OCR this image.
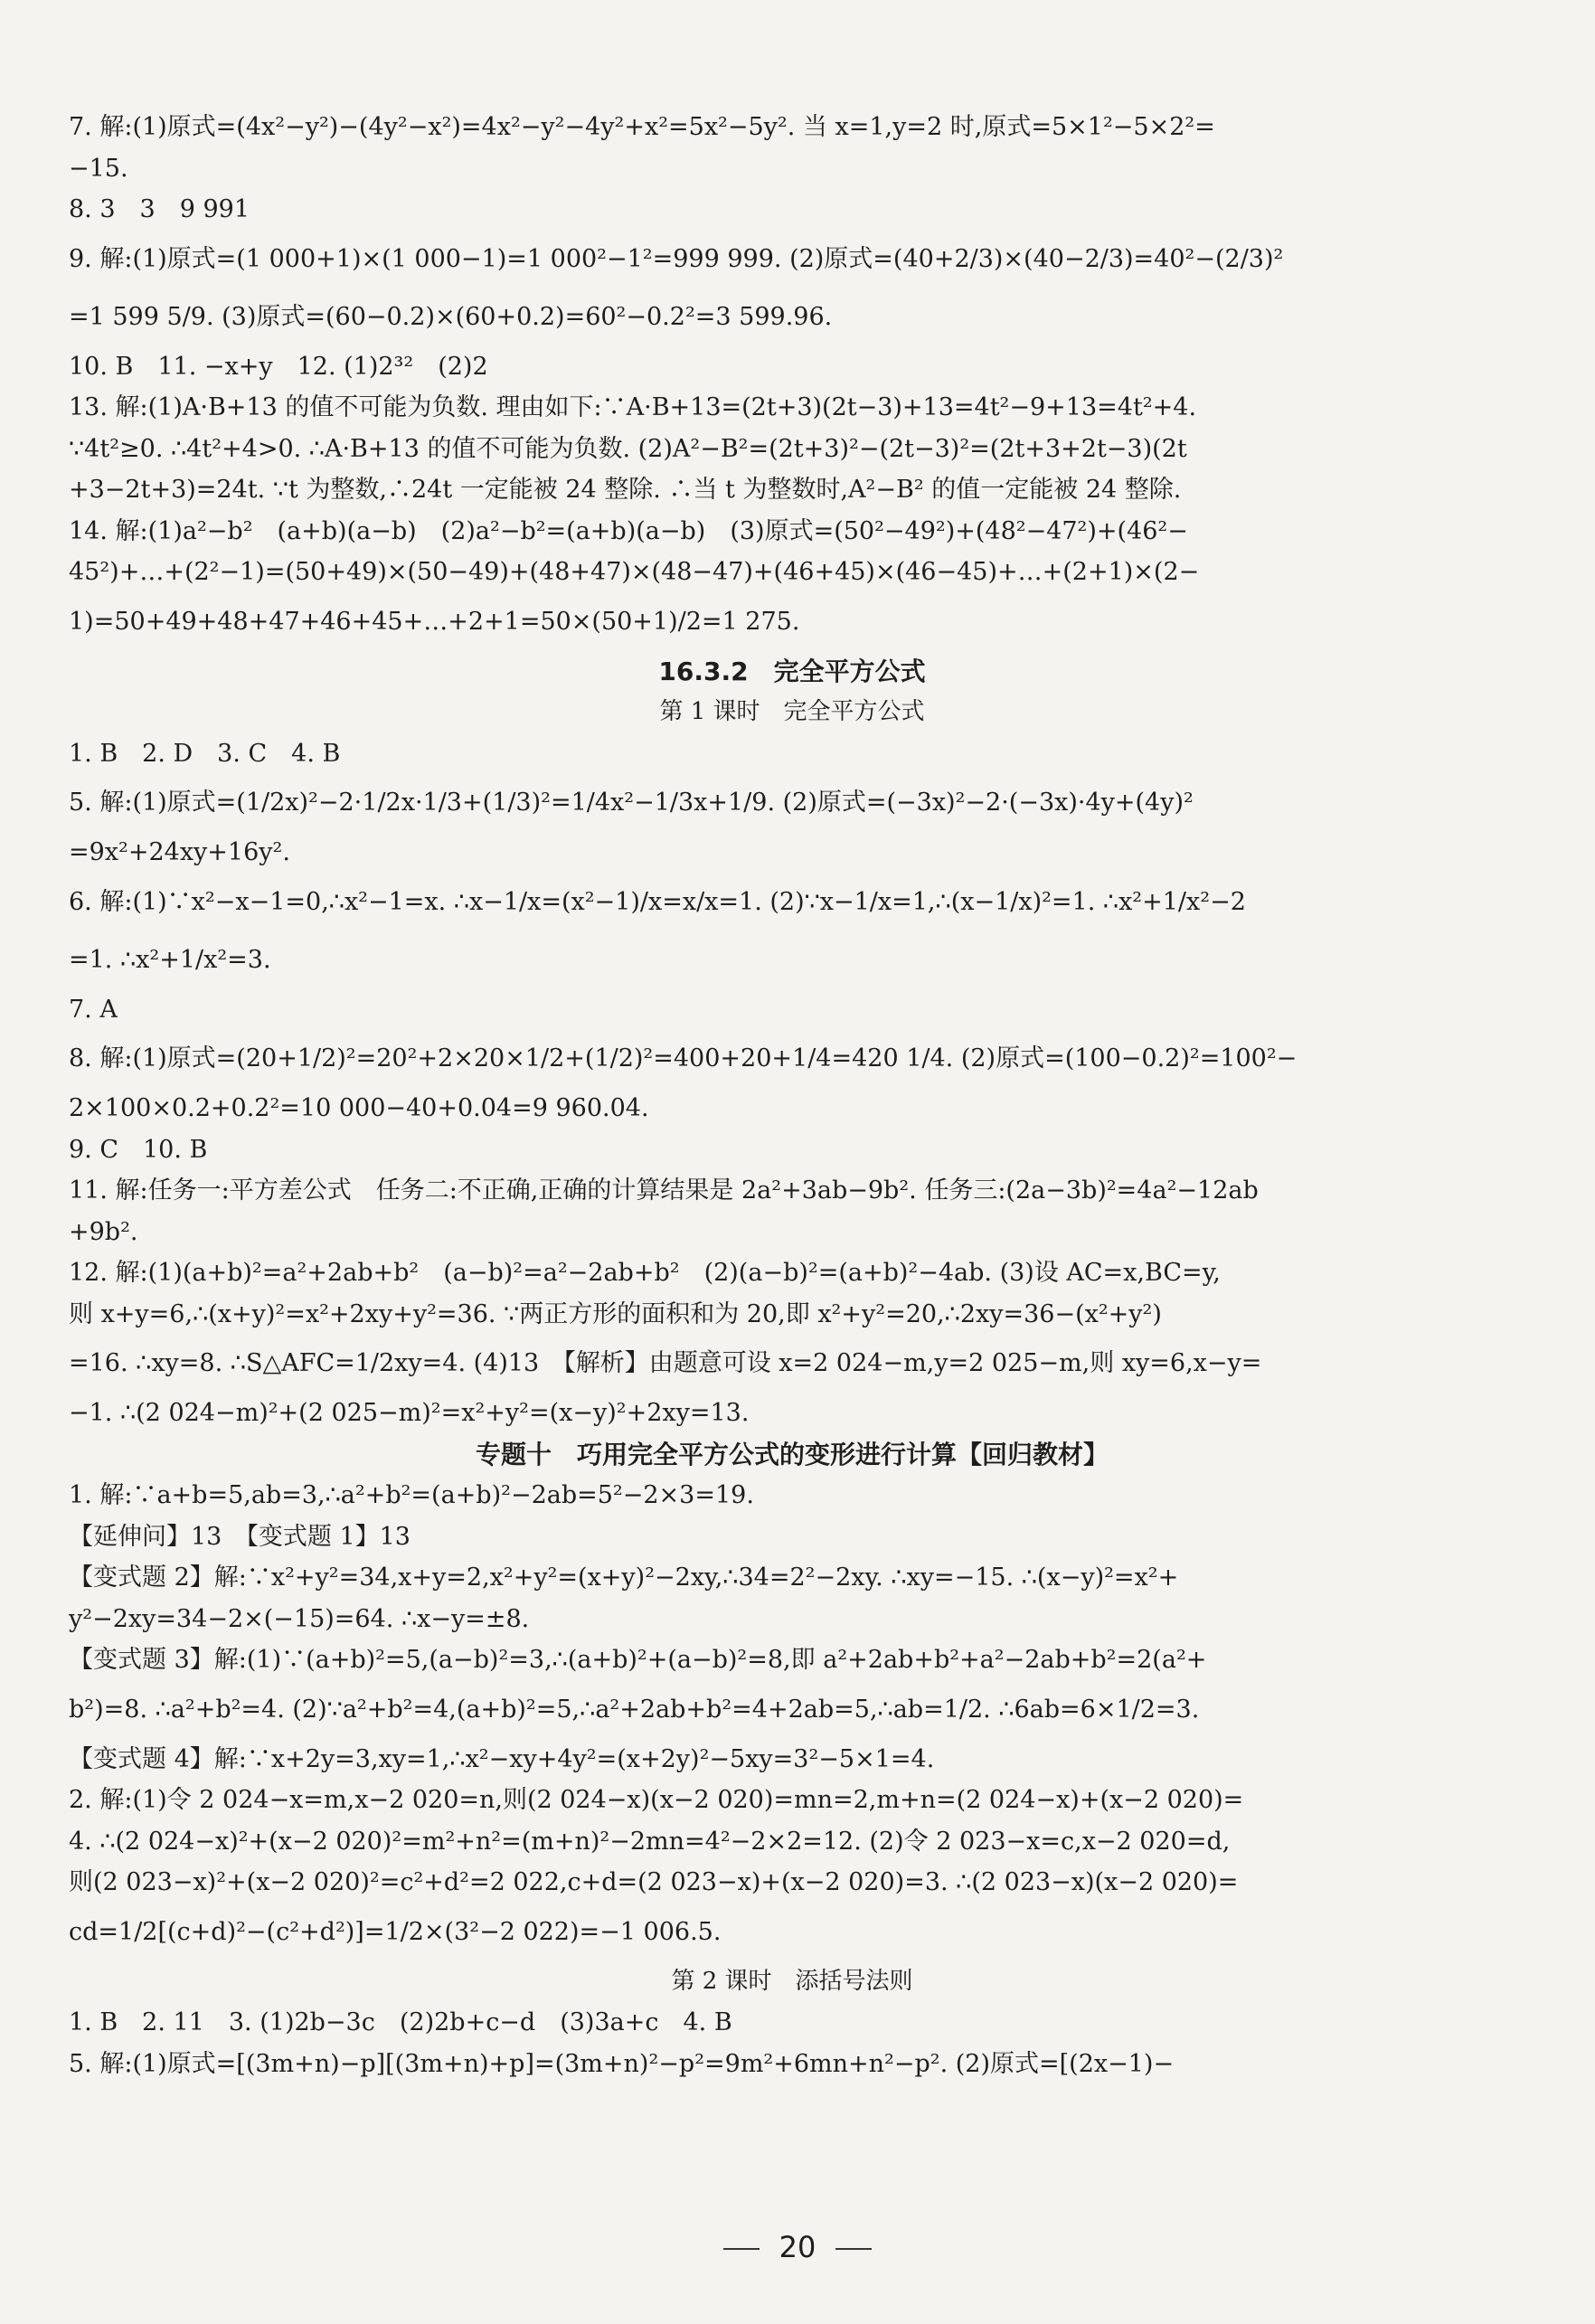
7. 解:(1)原式=(4x²−y²)−(4y²−x²)=4x²−y²−4y²+x²=5x²−5y². 当 x=1,y=2 时,原式=5×1²−5×2²=
−15.
8. 3　3　9 991
9. 解:(1)原式=(1 000+1)×(1 000−1)=1 000²−1²=999 999. (2)原式=(40+2/3)×(40−2/3)=40²−(2/3)²
=1 599 5/9. (3)原式=(60−0.2)×(60+0.2)=60²−0.2²=3 599.96.
10. B　11. −x+y　12. (1)2³²　(2)2
13. 解:(1)A·B+13 的值不可能为负数. 理由如下:∵A·B+13=(2t+3)(2t−3)+13=4t²−9+13=4t²+4.
∵4t²≥0. ∴4t²+4>0. ∴A·B+13 的值不可能为负数. (2)A²−B²=(2t+3)²−(2t−3)²=(2t+3+2t−3)(2t
+3−2t+3)=24t. ∵t 为整数,∴24t 一定能被 24 整除. ∴当 t 为整数时,A²−B² 的值一定能被 24 整除.
14. 解:(1)a²−b²　(a+b)(a−b)　(2)a²−b²=(a+b)(a−b)　(3)原式=(50²−49²)+(48²−47²)+(46²−
45²)+…+(2²−1)=(50+49)×(50−49)+(48+47)×(48−47)+(46+45)×(46−45)+…+(2+1)×(2−
1)=50+49+48+47+46+45+…+2+1=50×(50+1)/2=1 275.
16.3.2　完全平方公式
第 1 课时　完全平方公式
1. B　2. D　3. C　4. B
5. 解:(1)原式=(1/2x)²−2·1/2x·1/3+(1/3)²=1/4x²−1/3x+1/9. (2)原式=(−3x)²−2·(−3x)·4y+(4y)²
=9x²+24xy+16y².
6. 解:(1)∵x²−x−1=0,∴x²−1=x. ∴x−1/x=(x²−1)/x=x/x=1. (2)∵x−1/x=1,∴(x−1/x)²=1. ∴x²+1/x²−2
=1. ∴x²+1/x²=3.
7. A
8. 解:(1)原式=(20+1/2)²=20²+2×20×1/2+(1/2)²=400+20+1/4=420 1/4. (2)原式=(100−0.2)²=100²−
2×100×0.2+0.2²=10 000−40+0.04=9 960.04.
9. C　10. B
11. 解:任务一:平方差公式　任务二:不正确,正确的计算结果是 2a²+3ab−9b². 任务三:(2a−3b)²=4a²−12ab
+9b².
12. 解:(1)(a+b)²=a²+2ab+b²　(a−b)²=a²−2ab+b²　(2)(a−b)²=(a+b)²−4ab. (3)设 AC=x,BC=y,
则 x+y=6,∴(x+y)²=x²+2xy+y²=36. ∵两正方形的面积和为 20,即 x²+y²=20,∴2xy=36−(x²+y²)
=16. ∴xy=8. ∴S△AFC=1/2xy=4. (4)13　【解析】由题意可设 x=2 024−m,y=2 025−m,则 xy=6,x−y=
−1. ∴(2 024−m)²+(2 025−m)²=x²+y²=(x−y)²+2xy=13.
专题十　巧用完全平方公式的变形进行计算【回归教材】
1. 解:∵a+b=5,ab=3,∴a²+b²=(a+b)²−2ab=5²−2×3=19.
【延伸问】13　【变式题 1】13
【变式题 2】解:∵x²+y²=34,x+y=2,x²+y²=(x+y)²−2xy,∴34=2²−2xy. ∴xy=−15. ∴(x−y)²=x²+
y²−2xy=34−2×(−15)=64. ∴x−y=±8.
【变式题 3】解:(1)∵(a+b)²=5,(a−b)²=3,∴(a+b)²+(a−b)²=8,即 a²+2ab+b²+a²−2ab+b²=2(a²+
b²)=8. ∴a²+b²=4. (2)∵a²+b²=4,(a+b)²=5,∴a²+2ab+b²=4+2ab=5,∴ab=1/2. ∴6ab=6×1/2=3.
【变式题 4】解:∵x+2y=3,xy=1,∴x²−xy+4y²=(x+2y)²−5xy=3²−5×1=4.
2. 解:(1)令 2 024−x=m,x−2 020=n,则(2 024−x)(x−2 020)=mn=2,m+n=(2 024−x)+(x−2 020)=
4. ∴(2 024−x)²+(x−2 020)²=m²+n²=(m+n)²−2mn=4²−2×2=12. (2)令 2 023−x=c,x−2 020=d,
则(2 023−x)²+(x−2 020)²=c²+d²=2 022,c+d=(2 023−x)+(x−2 020)=3. ∴(2 023−x)(x−2 020)=
cd=1/2[(c+d)²−(c²+d²)]=1/2×(3²−2 022)=−1 006.5.
第 2 课时　添括号法则
1. B　2. 11　3. (1)2b−3c　(2)2b+c−d　(3)3a+c　4. B
5. 解:(1)原式=[(3m+n)−p][(3m+n)+p]=(3m+n)²−p²=9m²+6mn+n²−p². (2)原式=[(2x−1)−
20
